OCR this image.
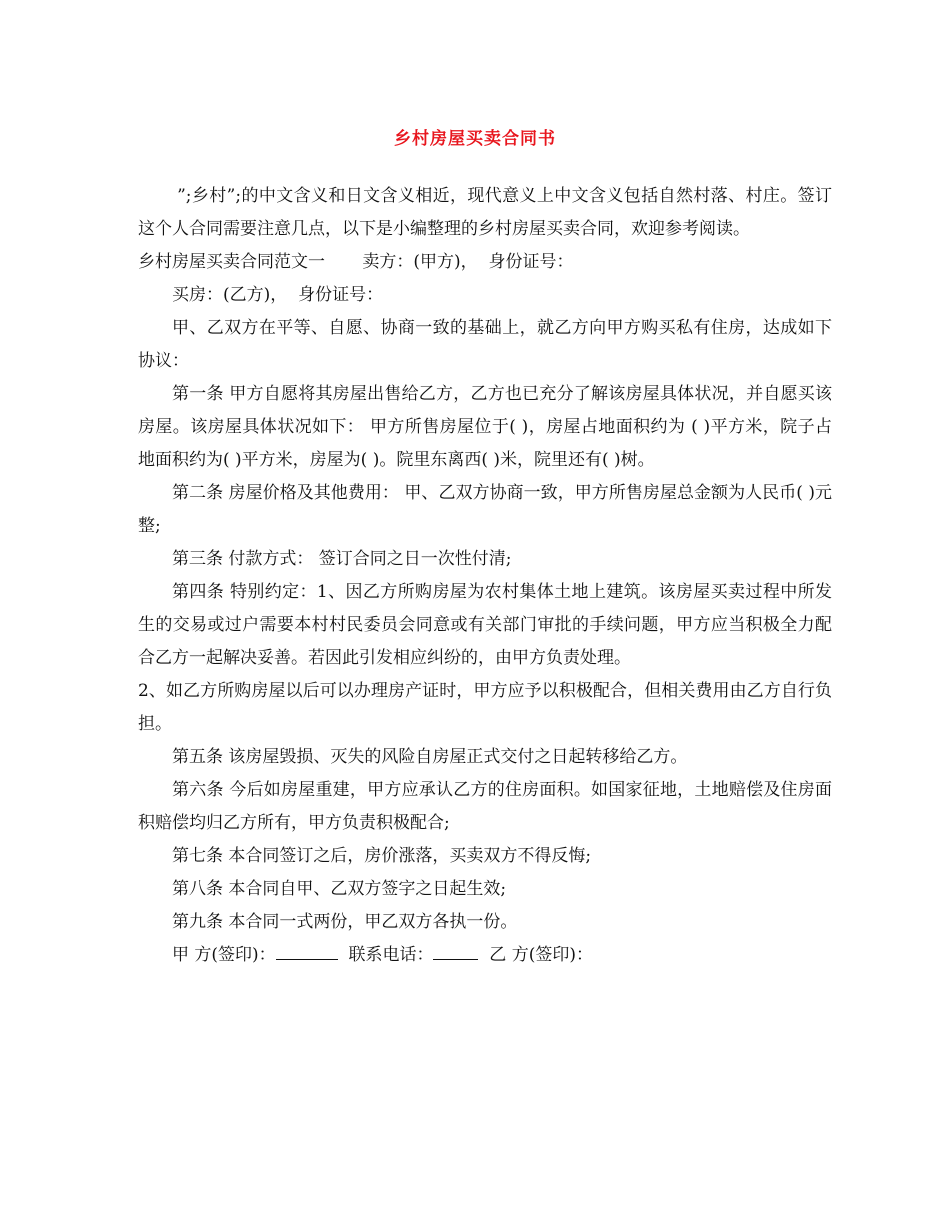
乡村房屋买卖合同书

”;乡村”;的中文含义和日文含义相近，现代意义上中文含义包括自然村落、村庄。签订这个人合同需要注意几点，以下是小编整理的乡村房屋买卖合同，欢迎参考阅读。

乡村房屋买卖合同范文一 卖方：(甲方)， 身份证号：

买房：(乙方)， 身份证号：

甲、乙双方在平等、自愿、协商一致的基础上，就乙方向甲方购买私有住房，达成如下协议：

第一条 甲方自愿将其房屋出售给乙方，乙方也已充分了解该房屋具体状况，并自愿买该房屋。该房屋具体状况如下： 甲方所售房屋位于( )，房屋占地面积约为 ( )平方米，院子占地面积约为( )平方米，房屋为( )。院里东离西( )米，院里还有( )树。

第二条 房屋价格及其他费用： 甲、乙双方协商一致，甲方所售房屋总金额为人民币( )元整;

第三条 付款方式： 签订合同之日一次性付清;

第四条 特别约定：1、因乙方所购房屋为农村集体土地上建筑。该房屋买卖过程中所发生的交易或过户需要本村村民委员会同意或有关部门审批的手续问题，甲方应当积极全力配合乙方一起解决妥善。若因此引发相应纠纷的，由甲方负责处理。

2、如乙方所购房屋以后可以办理房产证时，甲方应予以积极配合，但相关费用由乙方自行负担。

第五条 该房屋毁损、灭失的风险自房屋正式交付之日起转移给乙方。

第六条 今后如房屋重建，甲方应承认乙方的住房面积。如国家征地，土地赔偿及住房面积赔偿均归乙方所有，甲方负责积极配合;

第七条 本合同签订之后，房价涨落，买卖双方不得反悔;

第八条 本合同自甲、乙双方签字之日起生效;

第九条 本合同一式两份，甲乙双方各执一份。

甲 方(签印)：	联系电话：	乙 方(签印)：
